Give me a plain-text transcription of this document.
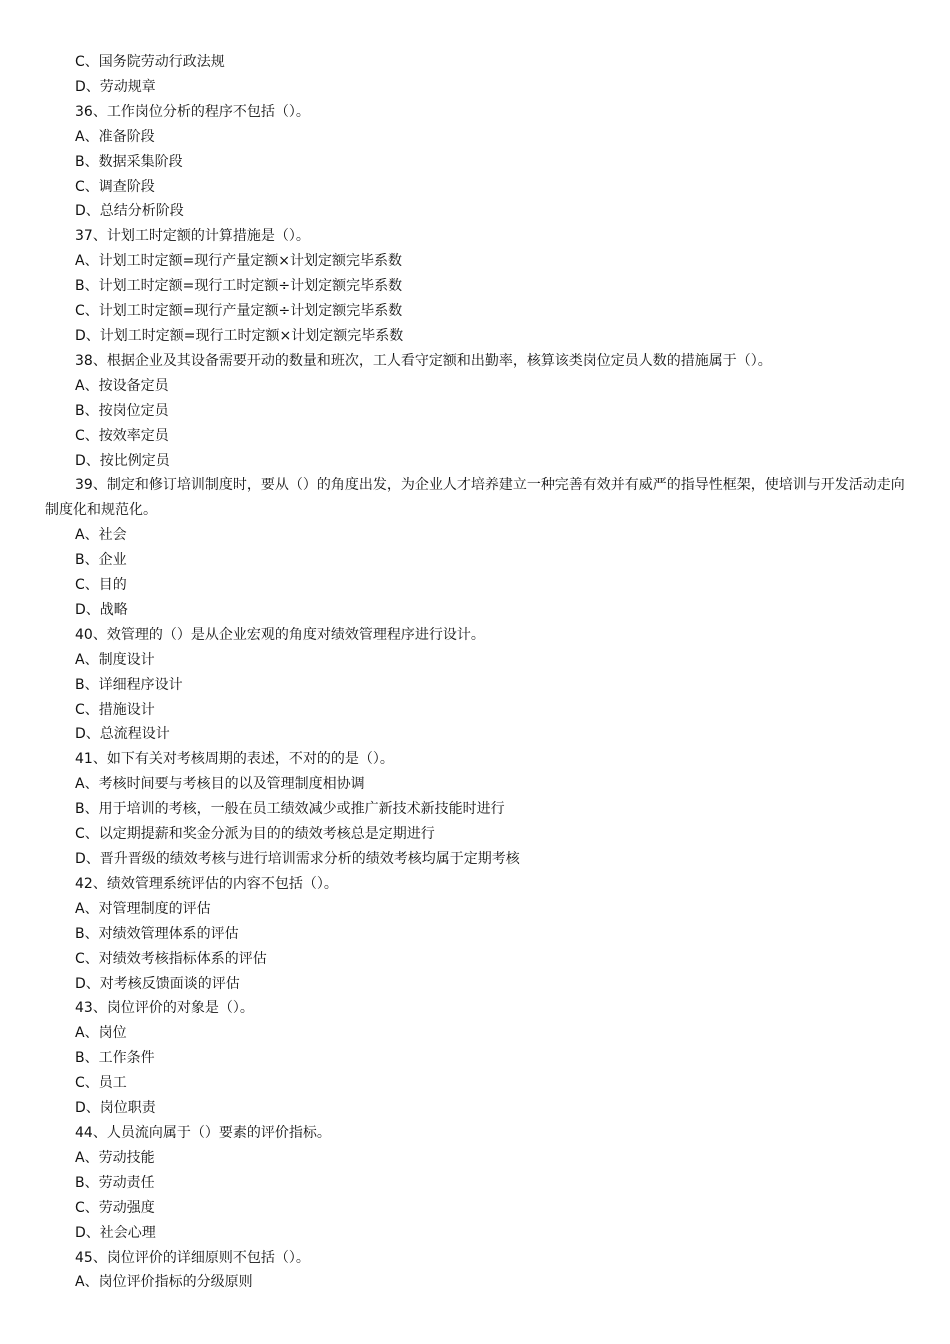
C、国务院劳动行政法规
D、劳动规章
36、工作岗位分析的程序不包括（）。
A、准备阶段
B、数据采集阶段
C、调查阶段
D、总结分析阶段
37、计划工时定额的计算措施是（）。
A、计划工时定额=现行产量定额×计划定额完毕系数
B、计划工时定额=现行工时定额÷计划定额完毕系数
C、计划工时定额=现行产量定额÷计划定额完毕系数
D、计划工时定额=现行工时定额×计划定额完毕系数
38、根据企业及其设备需要开动的数量和班次，工人看守定额和出勤率，核算该类岗位定员人数的措施属于（）。
A、按设备定员
B、按岗位定员
C、按效率定员
D、按比例定员
39、制定和修订培训制度时，要从（）的角度出发，为企业人才培养建立一种完善有效并有威严的指导性框架，使培训与开发活动走向制度化和规范化。
A、社会
B、企业
C、目的
D、战略
40、效管理的（）是从企业宏观的角度对绩效管理程序进行设计。
A、制度设计
B、详细程序设计
C、措施设计
D、总流程设计
41、如下有关对考核周期的表述，不对的的是（）。
A、考核时间要与考核目的以及管理制度相协调
B、用于培训的考核，一般在员工绩效减少或推广新技术新技能时进行
C、以定期提薪和奖金分派为目的的绩效考核总是定期进行
D、晋升晋级的绩效考核与进行培训需求分析的绩效考核均属于定期考核
42、绩效管理系统评估的内容不包括（）。
A、对管理制度的评估
B、对绩效管理体系的评估
C、对绩效考核指标体系的评估
D、对考核反馈面谈的评估
43、岗位评价的对象是（）。
A、岗位
B、工作条件
C、员工
D、岗位职责
44、人员流向属于（）要素的评价指标。
A、劳动技能
B、劳动责任
C、劳动强度
D、社会心理
45、岗位评价的详细原则不包括（）。
A、岗位评价指标的分级原则
